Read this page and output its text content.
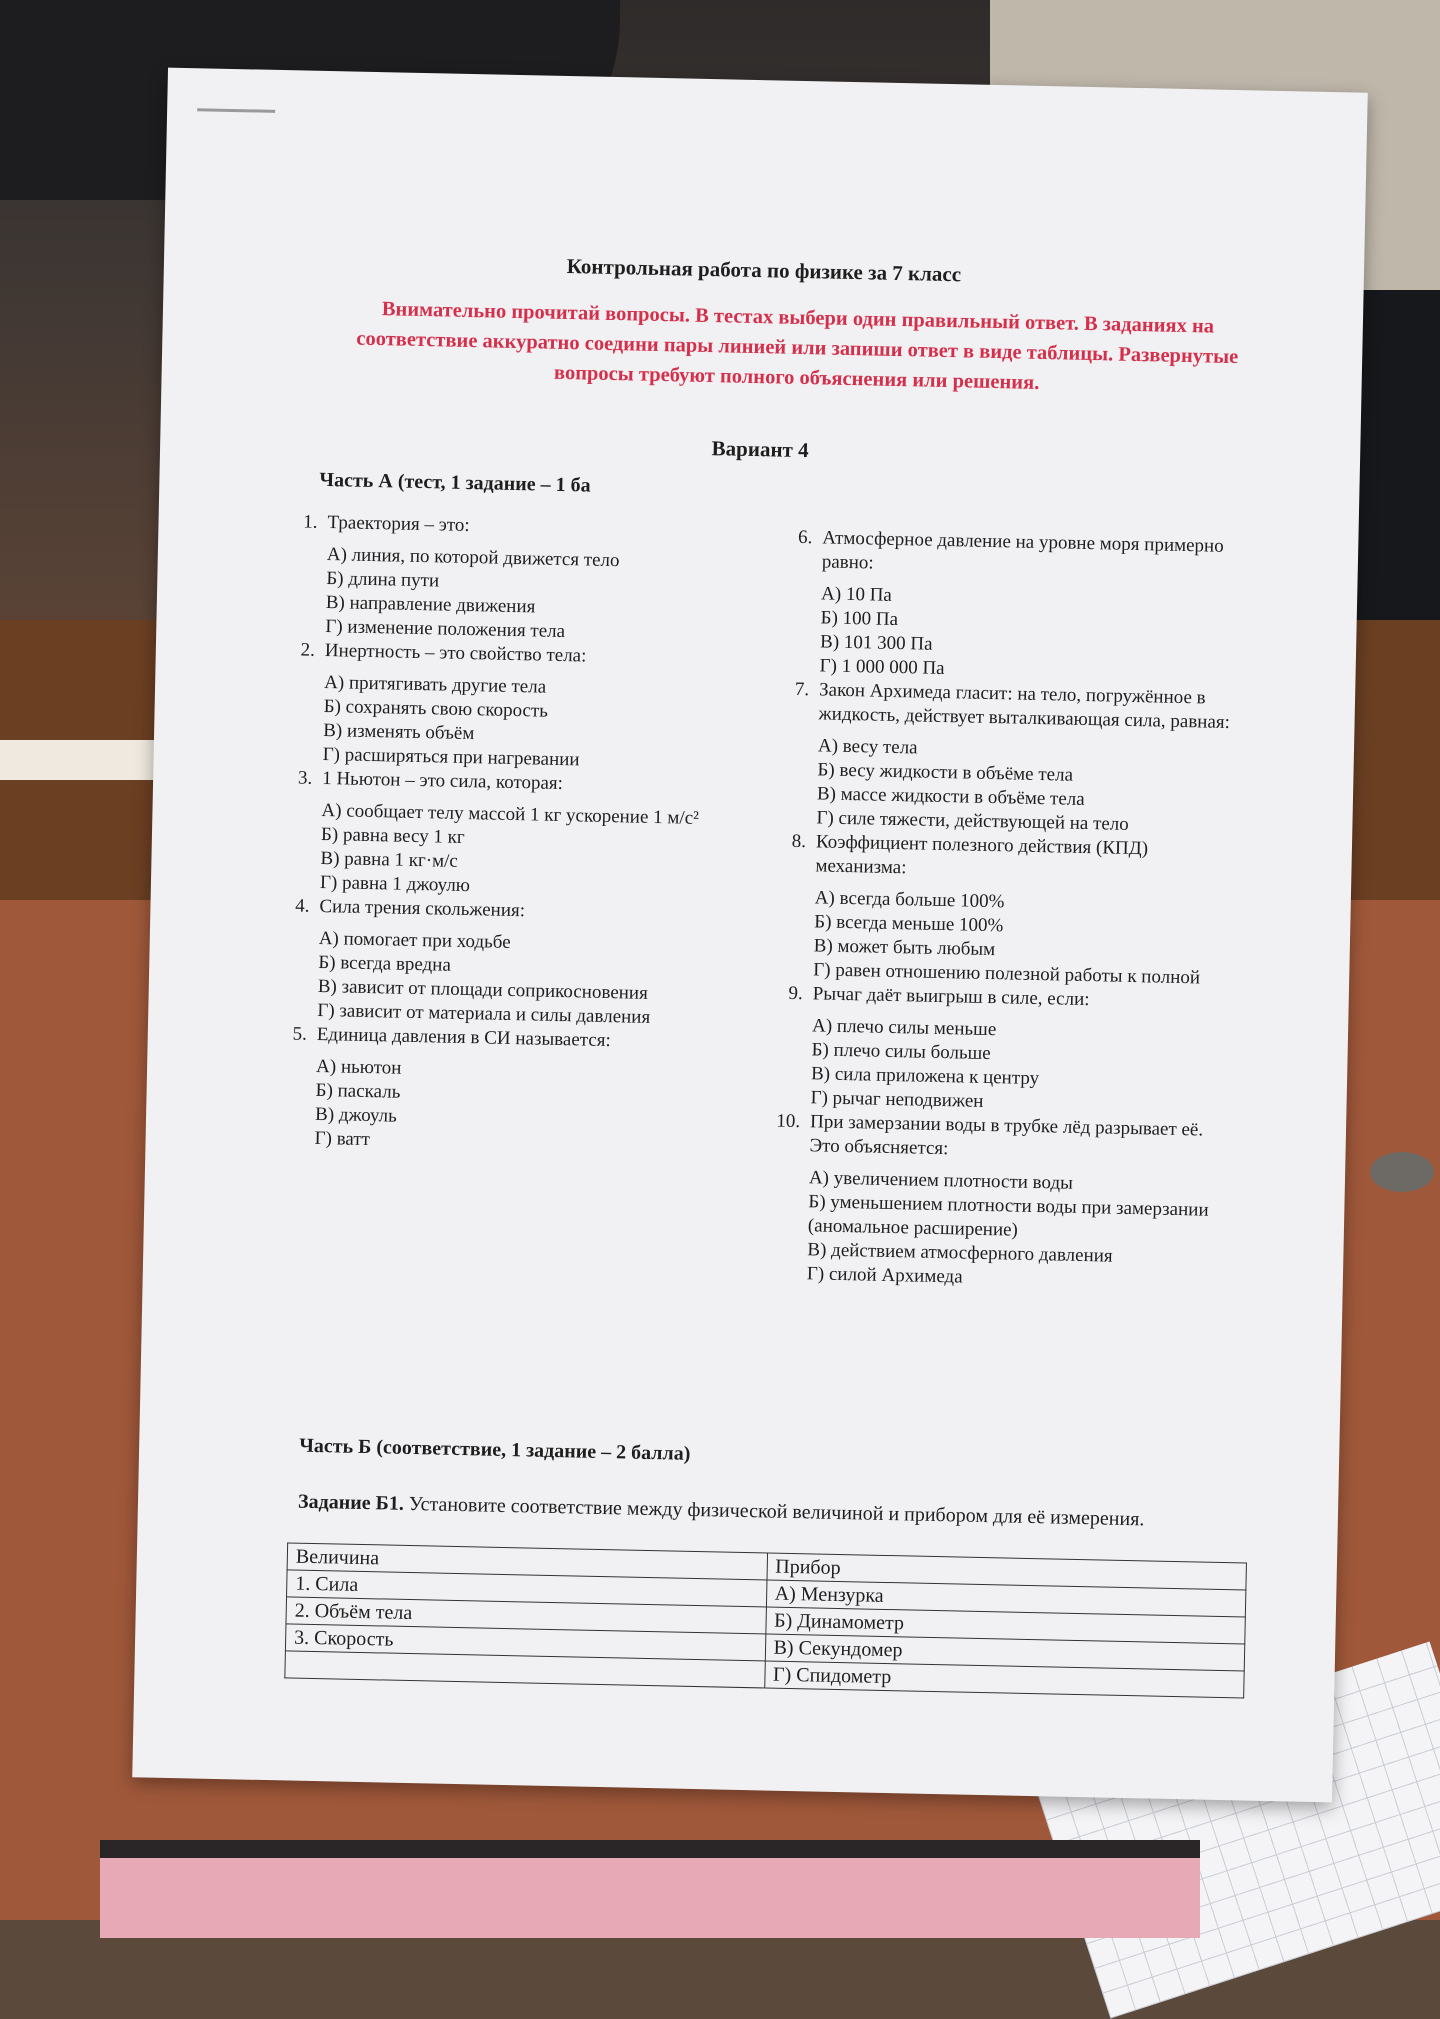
Контрольная работа по физике за 7 класс
Внимательно прочитай вопросы. В тестах выбери один правильный ответ. В заданиях на соответствие аккуратно соедини пары линией или запиши ответ в виде таблицы. Развернутые вопросы требуют полного объяснения или решения.
Вариант 4
Часть А (тест, 1 задание – 1 ба
1. Траектория – это:
А) линия, по которой движется тело
Б) длина пути
В) направление движения
Г) изменение положения тела
2. Инертность – это свойство тела:
А) притягивать другие тела
Б) сохранять свою скорость
В) изменять объём
Г) расширяться при нагревании
3. 1 Ньютон – это сила, которая:
А) сообщает телу массой 1 кг ускорение 1 м/с²
Б) равна весу 1 кг
В) равна 1 кг·м/с
Г) равна 1 джоулю
4. Сила трения скольжения:
А) помогает при ходьбе
Б) всегда вредна
В) зависит от площади соприкосновения
Г) зависит от материала и силы давления
5. Единица давления в СИ называется:
А) ньютон
Б) паскаль
В) джоуль
Г) ватт
6. Атмосферное давление на уровне моря примерно равно:
А) 10 Па
Б) 100 Па
В) 101 300 Па
Г) 1 000 000 Па
7. Закон Архимеда гласит: на тело, погружённое в жидкость, действует выталкивающая сила, равная:
А) весу тела
Б) весу жидкости в объёме тела
В) массе жидкости в объёме тела
Г) силе тяжести, действующей на тело
8. Коэффициент полезного действия (КПД) механизма:
А) всегда больше 100%
Б) всегда меньше 100%
В) может быть любым
Г) равен отношению полезной работы к полной
9. Рычаг даёт выигрыш в силе, если:
А) плечо силы меньше
Б) плечо силы больше
В) сила приложена к центру
Г) рычаг неподвижен
10. При замерзании воды в трубке лёд разрывает её. Это объясняется:
А) увеличением плотности воды
Б) уменьшением плотности воды при замерзании (аномальное расширение)
В) действием атмосферного давления
Г) силой Архимеда
Часть Б (соответствие, 1 задание – 2 балла)
Задание Б1. Установите соответствие между физической величиной и прибором для её измерения.
Величина	Прибор
1. Сила	А) Мензурка
2. Объём тела	Б) Динамометр
3. Скорость	В) Секундомер
	Г) Спидометр
